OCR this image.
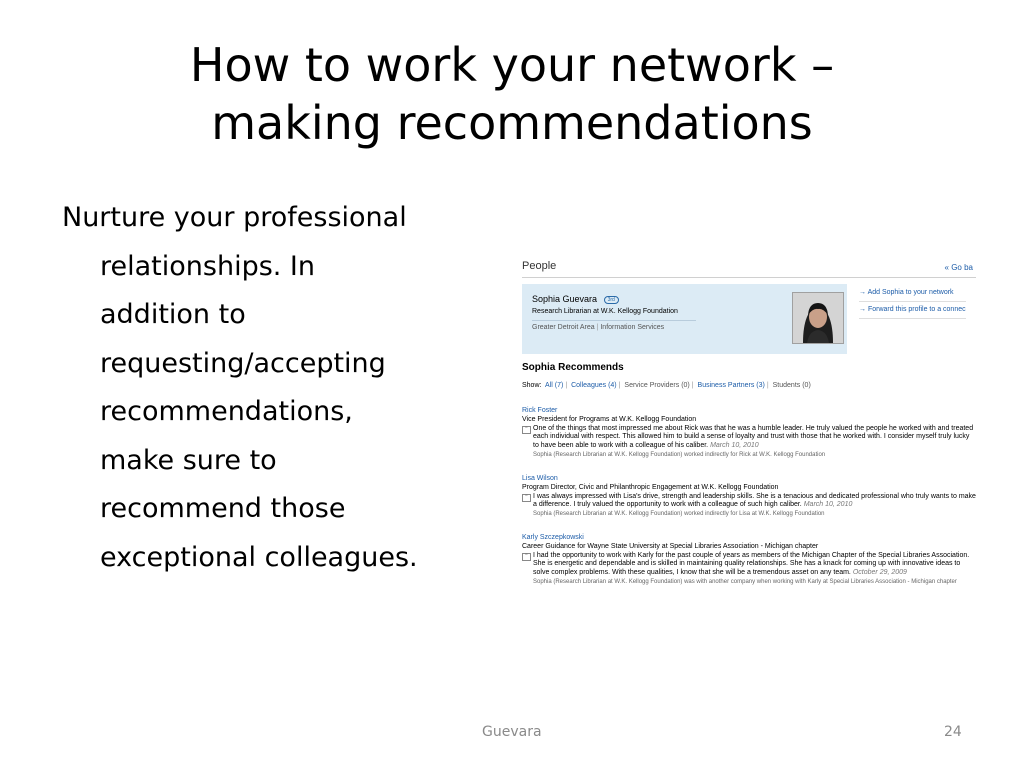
How to work your network –
making recommendations
Nurture your professional
relationships. In
addition to
requesting/accepting
recommendations,
make sure to
recommend those
exceptional colleagues.
People	« Go ba
Sophia Guevara 3rd
Research Librarian at W.K. Kellogg Foundation
Greater Detroit Area | Information Services
→ Add Sophia to your network
→ Forward this profile to a connec
Sophia Recommends
Show: All (7) | Colleagues (4) | Service Providers (0) | Business Partners (3) | Students (0)
Rick Foster
Vice President for Programs at W.K. Kellogg Foundation
" One of the things that most impressed me about Rick was that he was a humble leader. He truly valued the people he worked with and treated each individual with respect. This allowed him to build a sense of loyalty and trust with those that he worked with. I consider myself truly lucky to have been able to work with a colleague of his caliber. March 10, 2010
Sophia (Research Librarian at W.K. Kellogg Foundation) worked indirectly for Rick at W.K. Kellogg Foundation
Lisa Wilson
Program Director, Civic and Philanthropic Engagement at W.K. Kellogg Foundation
" I was always impressed with Lisa's drive, strength and leadership skills. She is a tenacious and dedicated professional who truly wants to make a difference. I truly valued the opportunity to work with a colleague of such high caliber. March 10, 2010
Sophia (Research Librarian at W.K. Kellogg Foundation) worked indirectly for Lisa at W.K. Kellogg Foundation
Karly Szczepkowski
Career Guidance for Wayne State University at Special Libraries Association - Michigan chapter
" I had the opportunity to work with Karly for the past couple of years as members of the Michigan Chapter of the Special Libraries Association. She is energetic and dependable and is skilled in maintaining quality relationships. She has a knack for coming up with innovative ideas to solve complex problems. With these qualities, I know that she will be a tremendous asset on any team. October 29, 2009
Sophia (Research Librarian at W.K. Kellogg Foundation) was with another company when working with Karly at Special Libraries Association - Michigan chapter
Guevara	24
